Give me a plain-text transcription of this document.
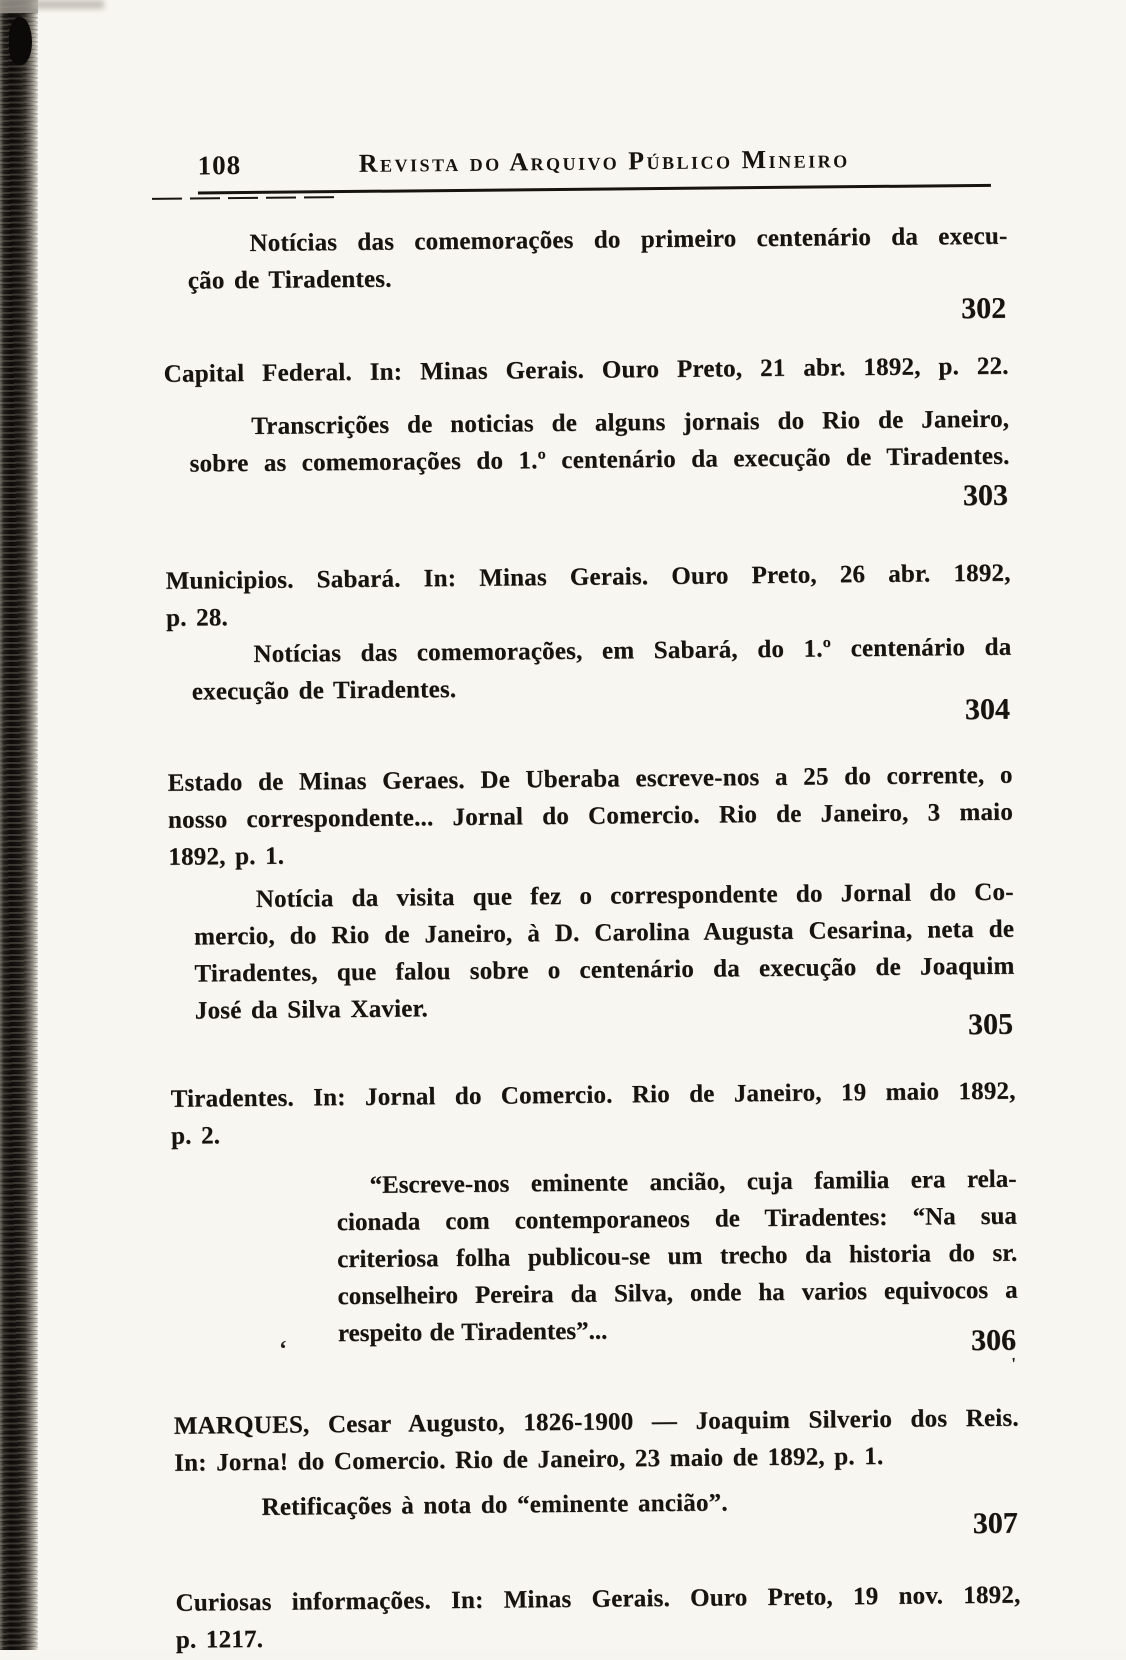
108	Revista do Arquivo Público Mineiro
Notícias das comemorações do primeiro centenário da execu-
ção de Tiradentes.
302
Capital Federal. In: Minas Gerais. Ouro Preto, 21 abr. 1892, p. 22.
Transcrições de noticias de alguns jornais do Rio de Janeiro,
sobre as comemorações do 1.º centenário da execução de Tiradentes.
303
Municipios. Sabará. In: Minas Gerais. Ouro Preto, 26 abr. 1892,
p. 28.
Notícias das comemorações, em Sabará, do 1.º centenário da
execução de Tiradentes.
304
Estado de Minas Geraes. De Uberaba escreve-nos a 25 do corrente, o
nosso correspondente... Jornal do Comercio. Rio de Janeiro, 3 maio
1892, p. 1.
Notícia da visita que fez o correspondente do Jornal do Co-
mercio, do Rio de Janeiro, à D. Carolina Augusta Cesarina, neta de
Tiradentes, que falou sobre o centenário da execução de Joaquim
José da Silva Xavier.	305
Tiradentes. In: Jornal do Comercio. Rio de Janeiro, 19 maio 1892,
p. 2.
“Escreve-nos eminente ancião, cuja familia era rela-
cionada com contemporaneos de Tiradentes: “Na sua
criteriosa folha publicou-se um trecho da historia do sr.
conselheiro Pereira da Silva, onde ha varios equivocos a
respeito de Tiradentes”...	306
MARQUES, Cesar Augusto, 1826-1900 — Joaquim Silverio dos Reis.
In: Jorna! do Comercio. Rio de Janeiro, 23 maio de 1892, p. 1.
Retificações à nota do “eminente ancião”.
307
Curiosas informações. In: Minas Gerais. Ouro Preto, 19 nov. 1892,
p. 1217.
‘
'
